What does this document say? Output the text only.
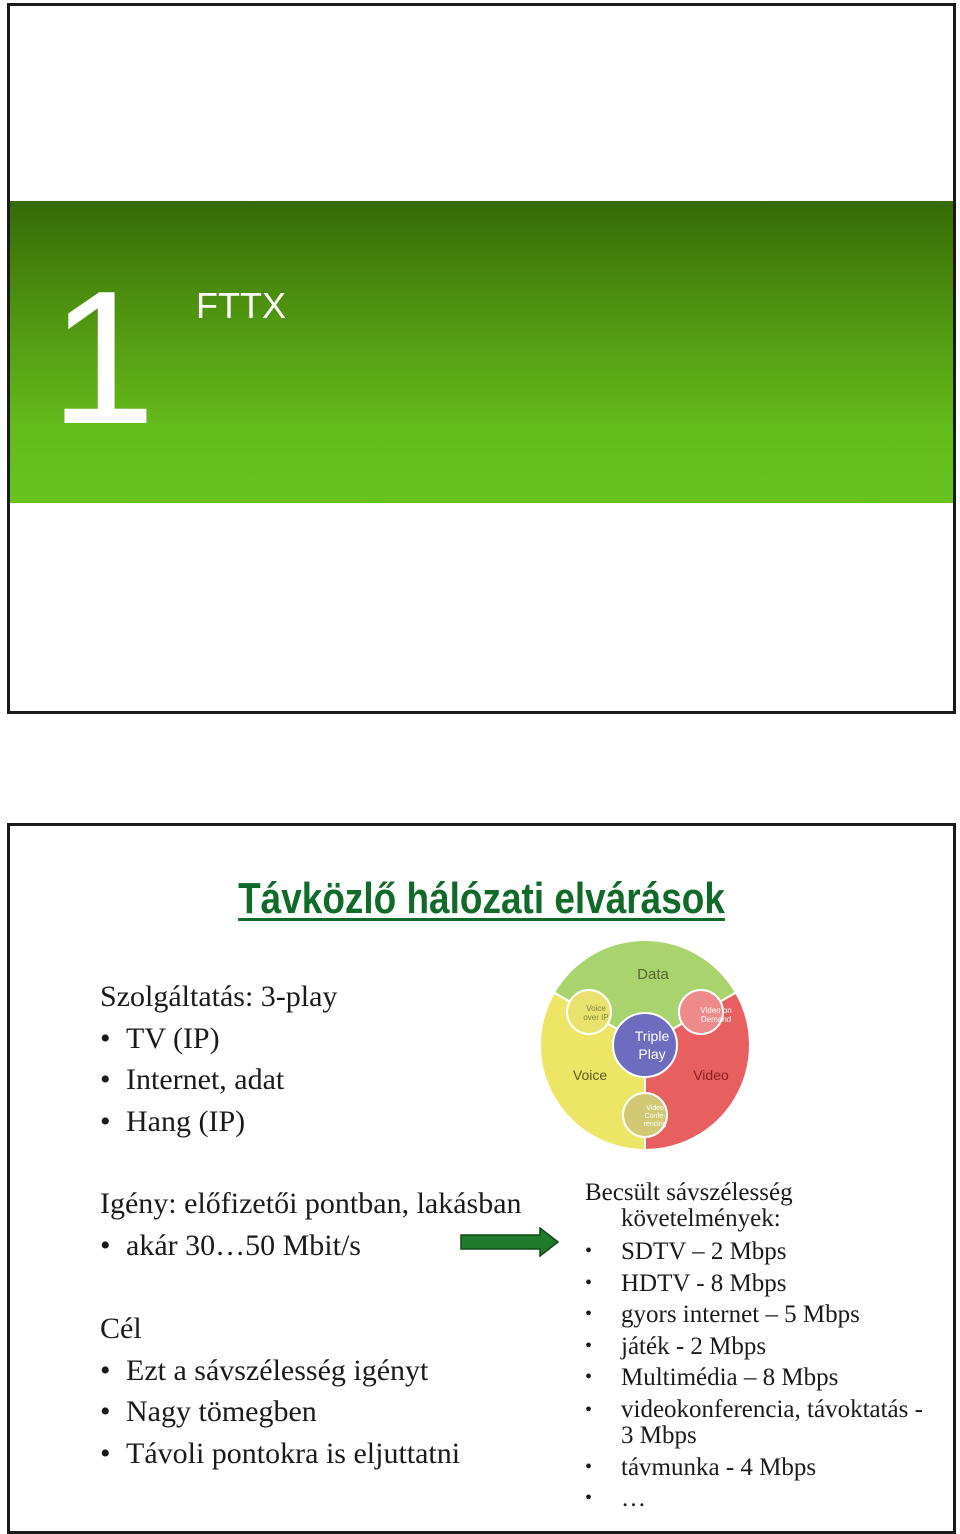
1 FTTX
Távközlő hálózati elvárások
Szolgáltatás: 3-play
• TV (IP)
• Internet, adat
• Hang (IP)
Data
Voice	Video
Triple
Play
Voice
over IP
Video on
Demand
Video
Confe-
rencing
Igény: előfizetői pontban, lakásban
• akár 30…50 Mbit/s
Cél
• Ezt a sávszélesség igényt
• Nagy tömegben
• Távoli pontokra is eljuttatni
Becsült sávszélesség
követelmények:
• SDTV – 2 Mbps
• HDTV - 8 Mbps
• gyors internet – 5 Mbps
• játék - 2 Mbps
• Multimédia – 8 Mbps
• videokonferencia, távoktatás -
3 Mbps
• távmunka - 4 Mbps
• …
